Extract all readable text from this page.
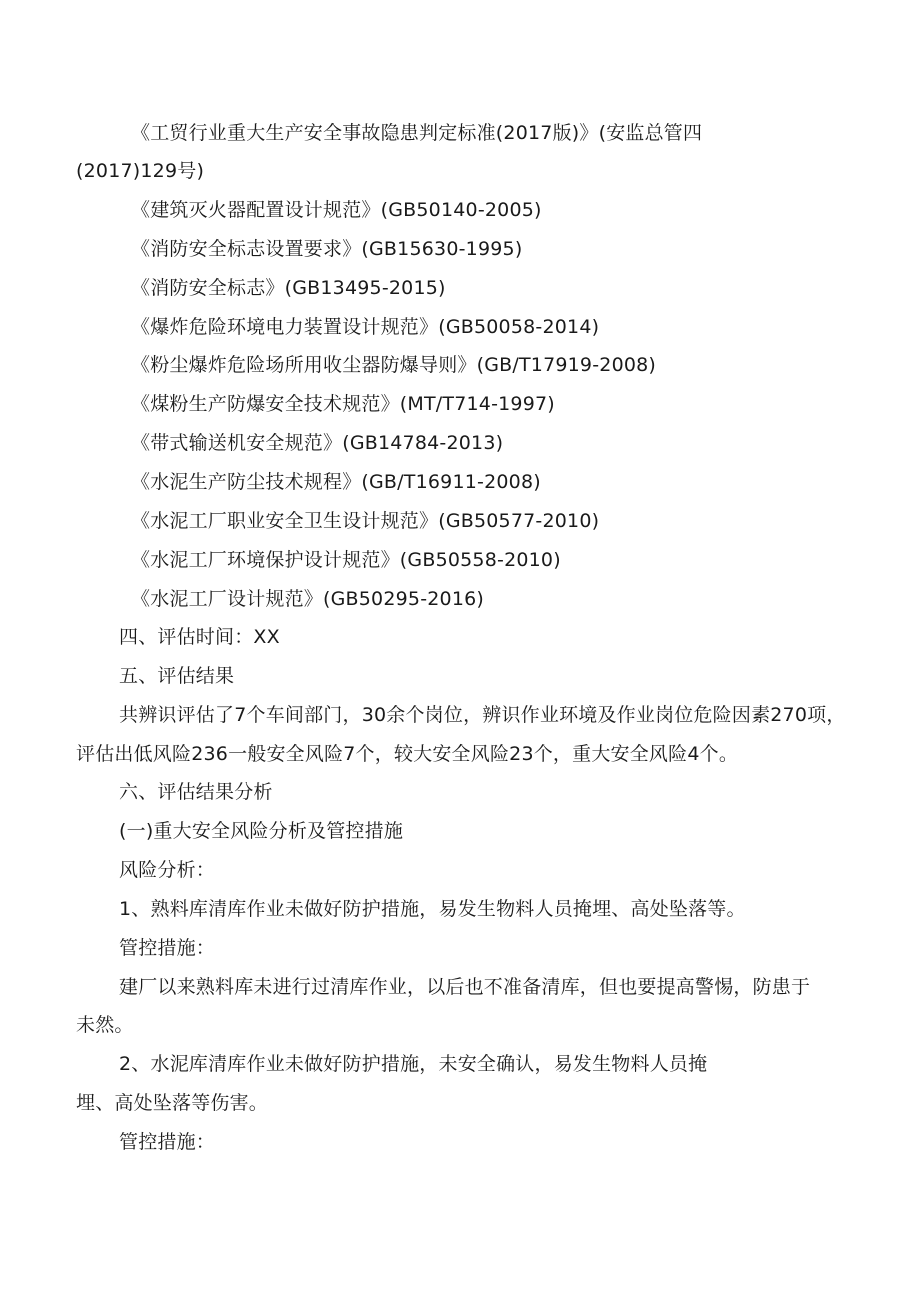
《工贸行业重大生产安全事故隐患判定标准(2017版)》(安监总管四
(2017)129号)
《建筑灭火器配置设计规范》(GB50140-2005)
《消防安全标志设置要求》(GB15630-1995)
《消防安全标志》(GB13495-2015)
《爆炸危险环境电力装置设计规范》(GB50058-2014)
《粉尘爆炸危险场所用收尘器防爆导则》(GB/T17919-2008)
《煤粉生产防爆安全技术规范》(MT/T714-1997)
《带式输送机安全规范》(GB14784-2013)
《水泥生产防尘技术规程》(GB/T16911-2008)
《水泥工厂职业安全卫生设计规范》(GB50577-2010)
《水泥工厂环境保护设计规范》(GB50558-2010)
《水泥工厂设计规范》(GB50295-2016)
四、评估时间：XX
五、评估结果
共辨识评估了7个车间部门，30余个岗位，辨识作业环境及作业岗位危险因素270项，
评估出低风险236一般安全风险7个，较大安全风险23个，重大安全风险4个。
六、评估结果分析
(一)重大安全风险分析及管控措施
风险分析：
1、熟料库清库作业未做好防护措施，易发生物料人员掩埋、高处坠落等。
管控措施：
建厂以来熟料库未进行过清库作业，以后也不准备清库，但也要提高警惕，防患于
未然。
2、水泥库清库作业未做好防护措施，未安全确认，易发生物料人员掩
埋、高处坠落等伤害。
管控措施：
